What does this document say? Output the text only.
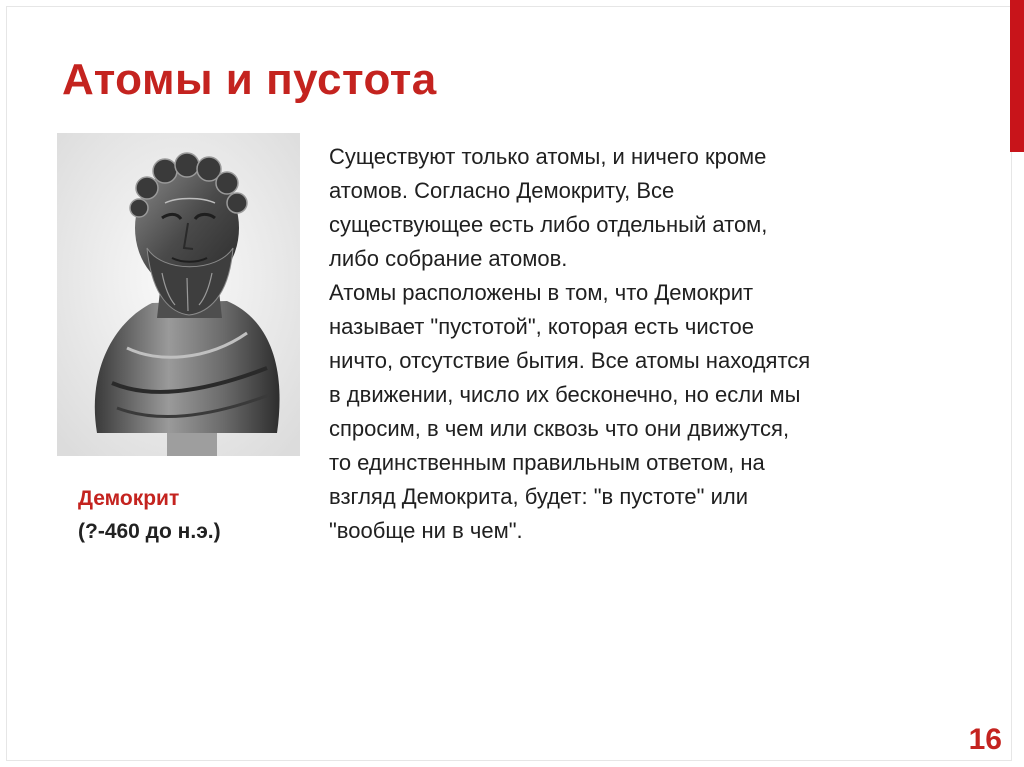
Атомы и пустота
Демокрит
(?-460 до н.э.)

Существуют только атомы, и ничего кроме
атомов. Согласно Демокриту, Все
существующее есть либо отдельный атом,
либо собрание атомов.

Атомы расположены в том, что Демокрит
называет "пустотой", которая есть чистое
ничто, отсутствие бытия. Все атомы находятся
в движении, число их бесконечно, но если мы
спросим, в чем или сквозь что они движутся,
то единственным правильным ответом, на
взгляд Демокрита, будет: "в пустоте" или
"вообще ни в чем".

16
